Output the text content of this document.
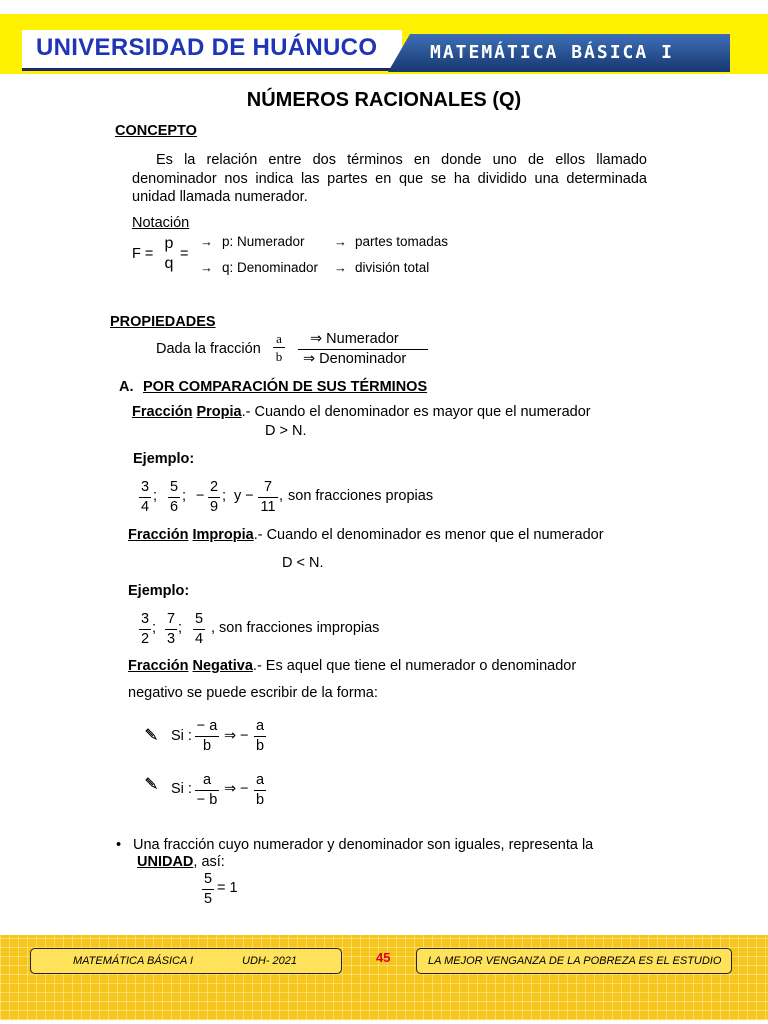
UNIVERSIDAD DE HUÁNUCO	MATEMÁTICA BÁSICA I
NÚMEROS RACIONALES (Q)
CONCEPTO
Es la relación entre dos términos en donde uno de ellos llamado denominador nos indica las partes en que se ha dividido una determinada unidad llamada numerador.
Notación
F =
p
q
=
→ p: Numerador → partes tomadas
→ q: Denominador → división total
PROPIEDADES
Dada la fracción $\frac{a}{b}$ ⇒ Numerador
⇒ Denominador
A. POR COMPARACIÓN DE SUS TÉRMINOS
Fracción Propia.- Cuando el denominador es mayor que el numerador
D > N.
Ejemplo:
$\frac{3}{4}$ ; $\frac{5}{6}$ ; − $\frac{2}{9}$ ; $y - \frac{7}{11}$ , son fracciones propias
Fracción Impropia.- Cuando el denominador es menor que el numerador
D < N.
Ejemplo:
$\frac{3}{2}$ ; $\frac{7}{3}$ ; $\frac{5}{4}$ , son fracciones impropias
Fracción Negativa.- Es aquel que tiene el numerador o denominador
negativo se puede escribir de la forma:
Si : $\frac{- a}{b}$ ⇒ − $\frac{a}{b}$
Si : $\frac{a}{- b}$ ⇒ − $\frac{a}{b}$
• Una fracción cuyo numerador y denominador son iguales, representa la
UNIDAD, así:
$\frac{5}{5} = 1$
MATEMÁTICA BÁSICA I	UDH- 2021	45	LA MEJOR VENGANZA DE LA POBREZA ES EL ESTUDIO
